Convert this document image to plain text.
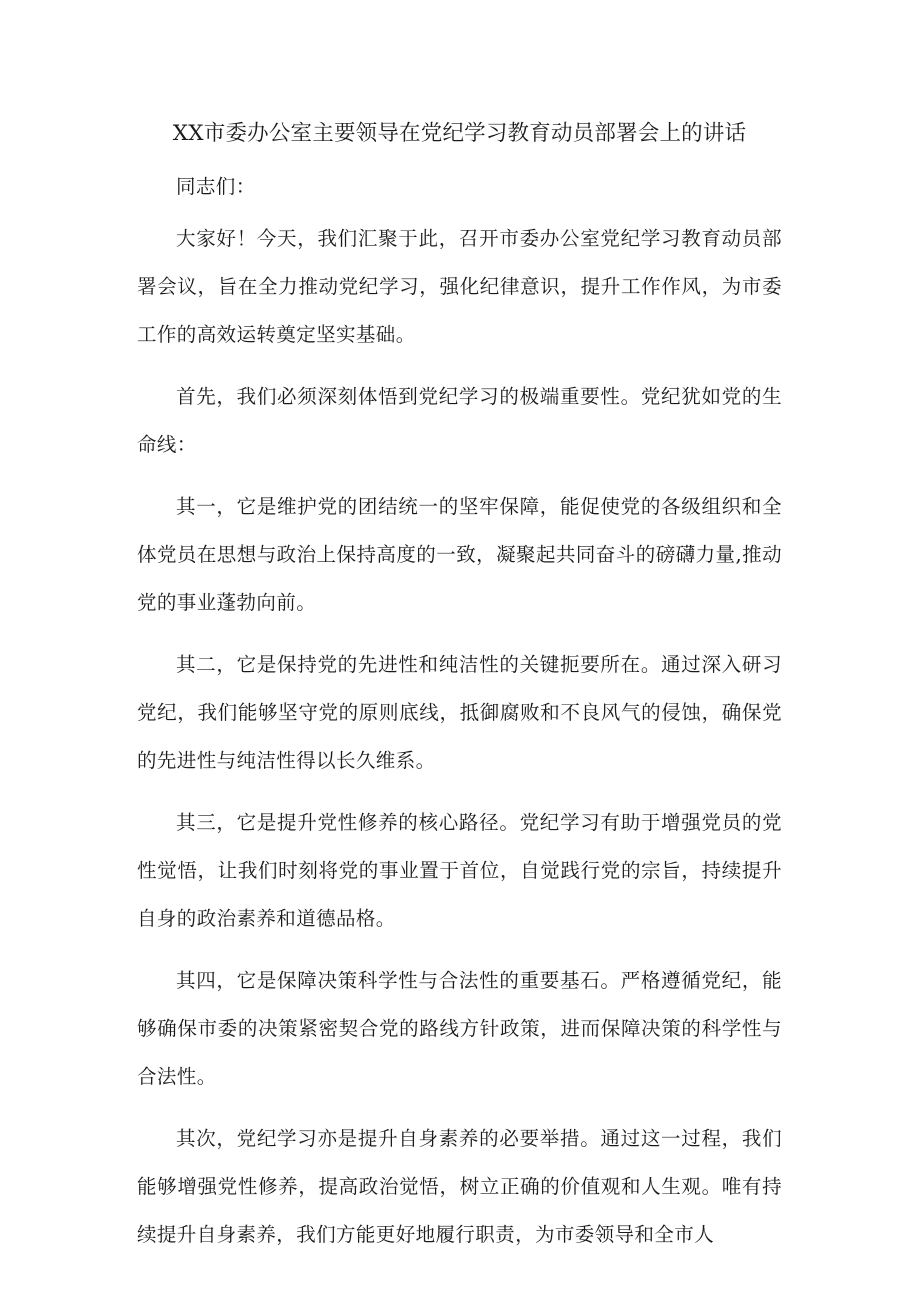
XX市委办公室主要领导在党纪学习教育动员部署会上的讲话

同志们：

大家好！今天，我们汇聚于此，召开市委办公室党纪学习教育动员部署会议，旨在全力推动党纪学习，强化纪律意识，提升工作作风，为市委工作的高效运转奠定坚实基础。

首先，我们必须深刻体悟到党纪学习的极端重要性。党纪犹如党的生命线：

其一，它是维护党的团结统一的坚牢保障，能促使党的各级组织和全体党员在思想与政治上保持高度的一致，凝聚起共同奋斗的磅礴力量,推动党的事业蓬勃向前。

其二，它是保持党的先进性和纯洁性的关键扼要所在。通过深入研习党纪，我们能够坚守党的原则底线，抵御腐败和不良风气的侵蚀，确保党的先进性与纯洁性得以长久维系。

其三，它是提升党性修养的核心路径。党纪学习有助于增强党员的党性觉悟，让我们时刻将党的事业置于首位，自觉践行党的宗旨，持续提升自身的政治素养和道德品格。

其四，它是保障决策科学性与合法性的重要基石。严格遵循党纪，能够确保市委的决策紧密契合党的路线方针政策，进而保障决策的科学性与合法性。

其次，党纪学习亦是提升自身素养的必要举措。通过这一过程，我们能够增强党性修养，提高政治觉悟，树立正确的价值观和人生观。唯有持续提升自身素养，我们方能更好地履行职责，为市委领导和全市人
